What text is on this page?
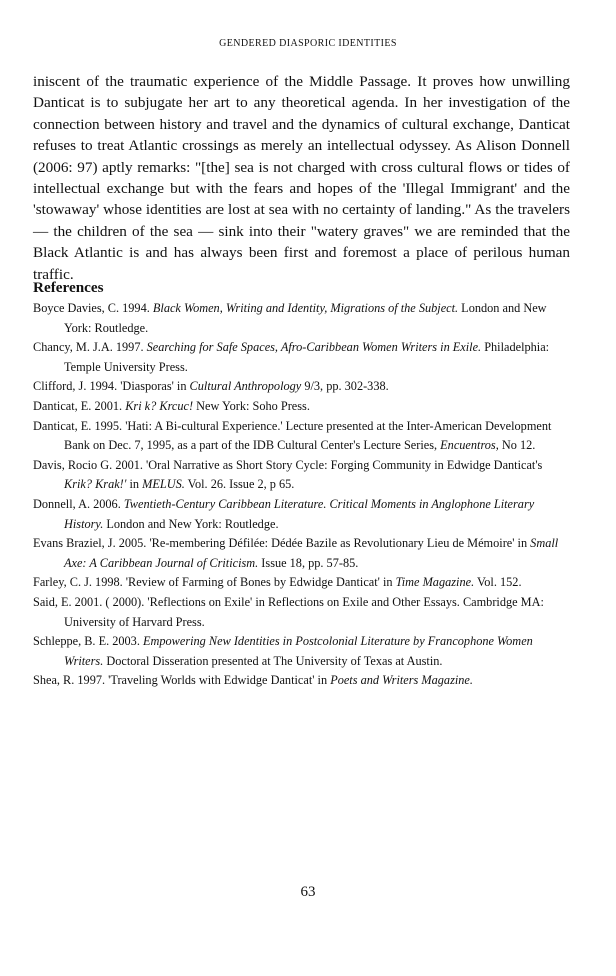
GENDERED DIASPORIC IDENTITIES

iniscent of the traumatic experience of the Middle Passage. It proves how unwilling Danticat is to subjugate her art to any theoretical agenda. In her investigation of the connection between history and travel and the dynamics of cultural exchange, Danticat refuses to treat Atlantic crossings as merely an intellectual odyssey. As Alison Donnell (2006: 97) aptly remarks: "[the] sea is not charged with cross cultural flows or tides of intellectual exchange but with the fears and hopes of the 'Illegal Immigrant' and the 'stowaway' whose identities are lost at sea with no certainty of landing." As the travelers — the children of the sea — sink into their "watery graves" we are reminded that the Black Atlantic is and has always been first and foremost a place of perilous human traffic.

References
Boyce Davies, C. 1994. Black Women, Writing and Identity, Migrations of the Subject. London and New York: Routledge.
Chancy, M. J.A. 1997. Searching for Safe Spaces, Afro-Caribbean Women Writers in Exile. Philadelphia: Temple University Press.
Clifford, J. 1994. 'Diasporas' in Cultural Anthropology 9/3, pp. 302-338.
Danticat, E. 2001. Kri k? Krcuc! New York: Soho Press.
Danticat, E. 1995. 'Hati: A Bi-cultural Experience.' Lecture presented at the Inter-American Development Bank on Dec. 7, 1995, as a part of the IDB Cultural Center's Lecture Series, Encuentros, No 12.
Davis, Rocio G. 2001. 'Oral Narrative as Short Story Cycle: Forging Community in Edwidge Danticat's Krik? Krak!' in MELUS. Vol. 26. Issue 2, p 65.
Donnell, A. 2006. Twentieth-Century Caribbean Literature. Critical Moments in Anglophone Literary History. London and New York: Routledge.
Evans Braziel, J. 2005. 'Re-membering Défilée: Dédée Bazile as Revolutionary Lieu de Mémoire' in Small Axe: A Caribbean Journal of Criticism. Issue 18, pp. 57-85.
Farley, C. J. 1998. 'Review of Farming of Bones by Edwidge Danticat' in Time Magazine. Vol. 152.
Said, E. 2001. ( 2000). 'Reflections on Exile' in Reflections on Exile and Other Essays. Cambridge MA: University of Harvard Press.
Schleppe, B. E. 2003. Empowering New Identities in Postcolonial Literature by Francophone Women Writers. Doctoral Disseration presented at The University of Texas at Austin.
Shea, R. 1997. 'Traveling Worlds with Edwidge Danticat' in Poets and Writers Magazine.
63
